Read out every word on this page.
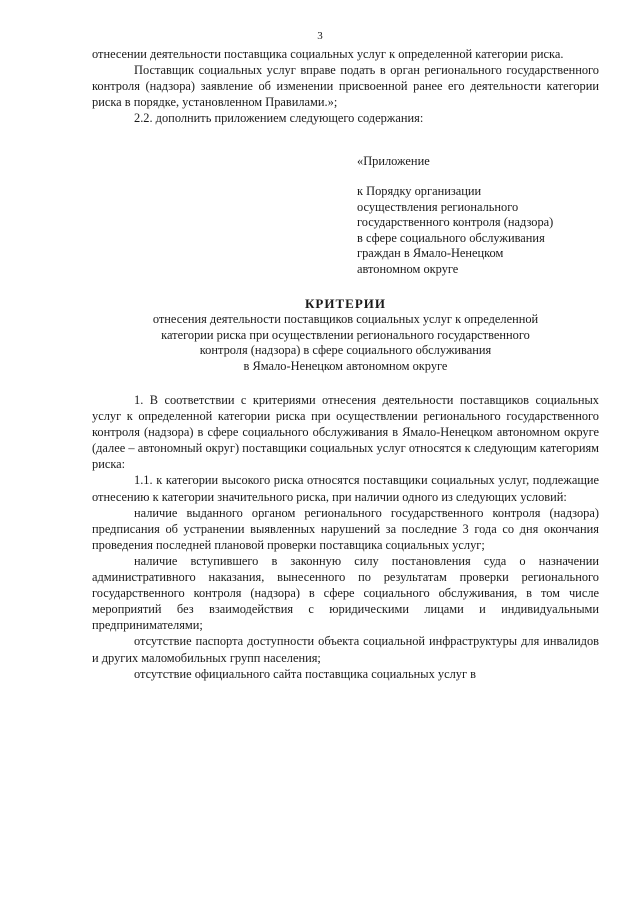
3

отнесении деятельности поставщика социальных услуг к определенной категории риска.

Поставщик социальных услуг вправе подать в орган регионального государственного контроля (надзора) заявление об изменении присвоенной ранее его деятельности категории риска в порядке, установленном Правилами.»;

2.2. дополнить приложением следующего содержания:

«Приложение

к Порядку организации

осуществления регионального

государственного контроля (надзора)

в сфере социального обслуживания

граждан в Ямало-Ненецком

автономном округе

КРИТЕРИИ

отнесения деятельности поставщиков социальных услуг к определенной

категории риска при осуществлении регионального государственного

контроля (надзора) в сфере социального обслуживания

в Ямало-Ненецком автономном округе

1. В соответствии с критериями отнесения деятельности поставщиков социальных услуг к определенной категории риска при осуществлении регионального государственного контроля (надзора) в сфере социального обслуживания в Ямало-Ненецком автономном округе (далее – автономный округ) поставщики социальных услуг относятся к следующим категориям риска:

1.1. к категории высокого риска относятся поставщики социальных услуг, подлежащие отнесению к категории значительного риска, при наличии одного из следующих условий:

наличие выданного органом регионального государственного контроля (надзора) предписания об устранении выявленных нарушений за последние 3 года со дня окончания проведения последней плановой проверки поставщика социальных услуг;

наличие вступившего в законную силу постановления суда о назначении административного наказания, вынесенного по результатам проверки регионального государственного контроля (надзора) в сфере социального обслуживания, в том числе мероприятий без взаимодействия с юридическими лицами и индивидуальными предпринимателями;

отсутствие паспорта доступности объекта социальной инфраструктуры для инвалидов и других маломобильных групп населения;

отсутствие официального сайта поставщика социальных услуг в
